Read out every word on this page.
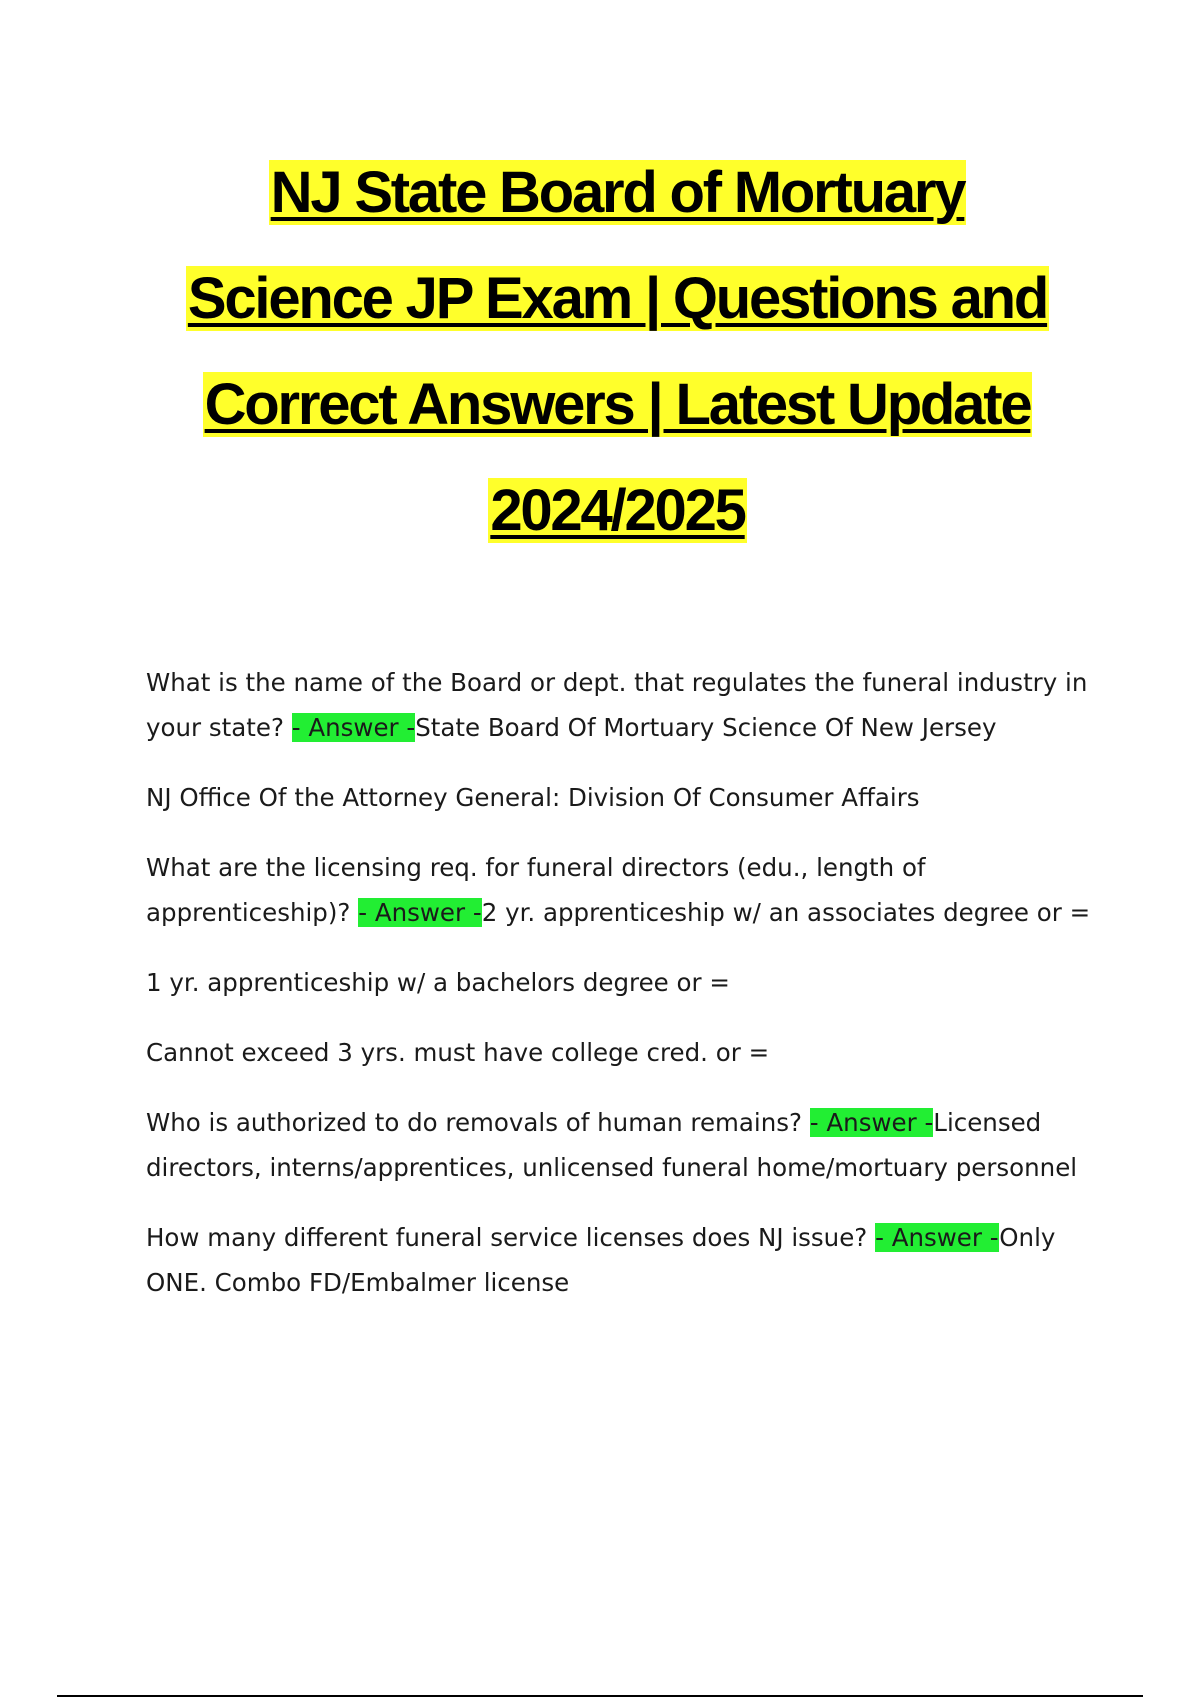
NJ State Board of Mortuary
Science JP Exam | Questions and
Correct Answers | Latest Update
2024/2025

What is the name of the Board or dept. that regulates the funeral industry in your state? - Answer -State Board Of Mortuary Science Of New Jersey

NJ Office Of the Attorney General: Division Of Consumer Affairs

What are the licensing req. for funeral directors (edu., length of apprenticeship)? - Answer -2 yr. apprenticeship w/ an associates degree or =

1 yr. apprenticeship w/ a bachelors degree or =

Cannot exceed 3 yrs. must have college cred. or =

Who is authorized to do removals of human remains? - Answer -Licensed directors, interns/apprentices, unlicensed funeral home/mortuary personnel

How many different funeral service licenses does NJ issue? - Answer -Only ONE. Combo FD/Embalmer license
